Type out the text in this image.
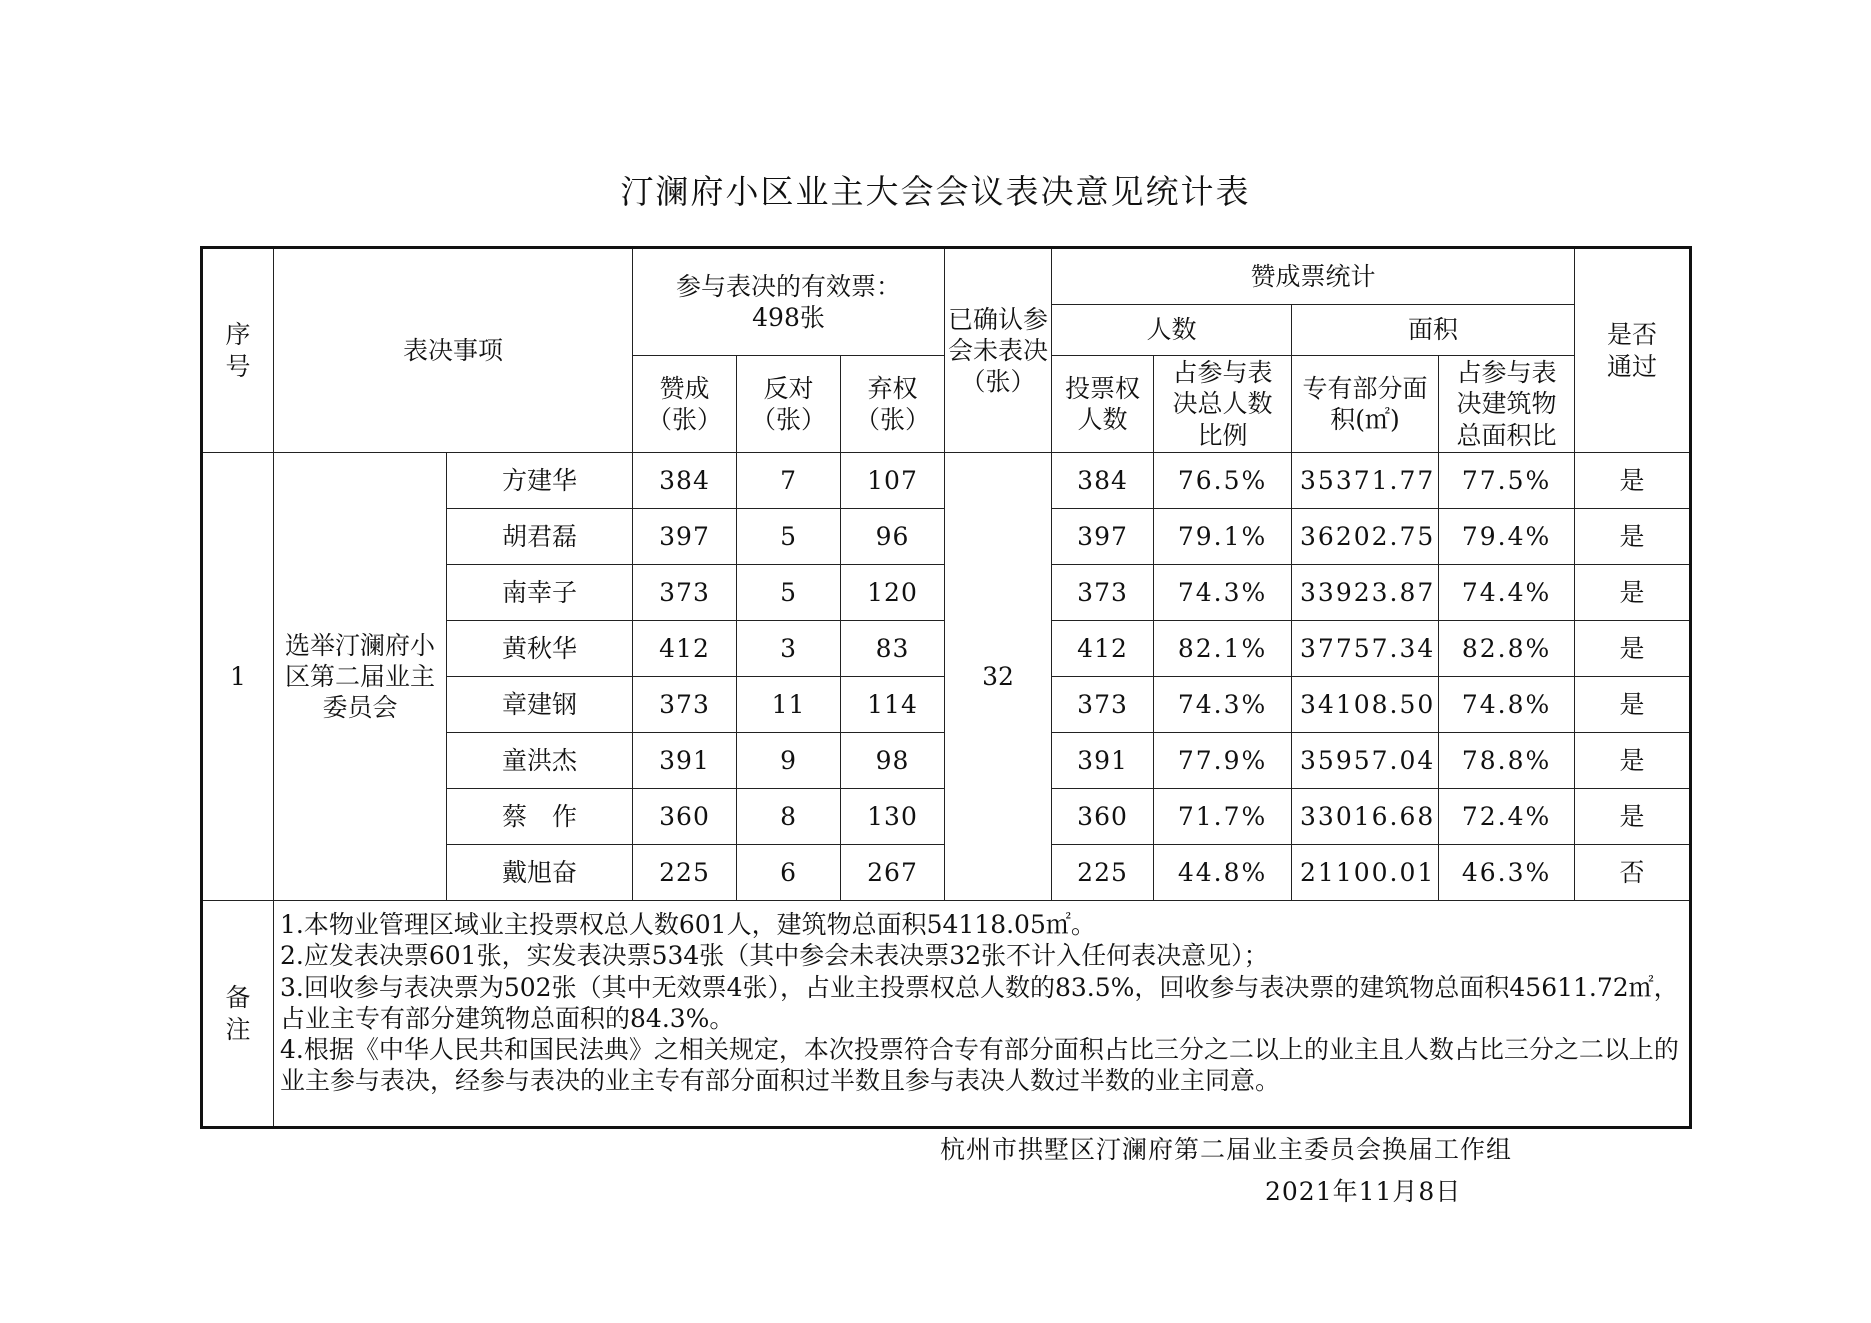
汀澜府小区业主大会会议表决意见统计表
序号	表决事项		参与表决的有效票：498张			已确认参会未表决（张）	赞成票统计				是否通过

							人数		面积		

			赞成（张）	反对（张）	弃权（张）		投票权人数	占参与表决总人数比例	专有部分面积(㎡)	占参与表决建筑物总面积比	

1	选举汀澜府小区第二届业主委员会	方建华	384	7	107	32	384	76.5%	35371.77	77.5%	是
		胡君磊	397	5	96		397	79.1%	36202.75	79.4%	是
		南幸子	373	5	120		373	74.3%	33923.87	74.4%	是
		黄秋华	412	3	83		412	82.1%	37757.34	82.8%	是
		章建钢	373	11	114		373	74.3%	34108.50	74.8%	是
		童洪杰	391	9	98		391	77.9%	35957.04	78.8%	是
		蔡　作	360	8	130		360	71.7%	33016.68	72.4%	是
		戴旭奋	225	6	267		225	44.8%	21100.01	46.3%	否

备注	1.本物业管理区域业主投票权总人数601人，建筑物总面积54118.05㎡。
2.应发表决票601张，实发表决票534张（其中参会未表决票32张不计入任何表决意见）；
3.回收参与表决票为502张（其中无效票4张），占业主投票权总人数的83.5%，回收参与表决票的建筑物总面积45611.72㎡，占业主专有部分建筑物总面积的84.3%。
4.根据《中华人民共和国民法典》之相关规定，本次投票符合专有部分面积占比三分之二以上的业主且人数占比三分之二以上的业主参与表决，经参与表决的业主专有部分面积过半数且参与表决人数过半数的业主同意。										
杭州市拱墅区汀澜府第二届业主委员会换届工作组
2021年11月8日
